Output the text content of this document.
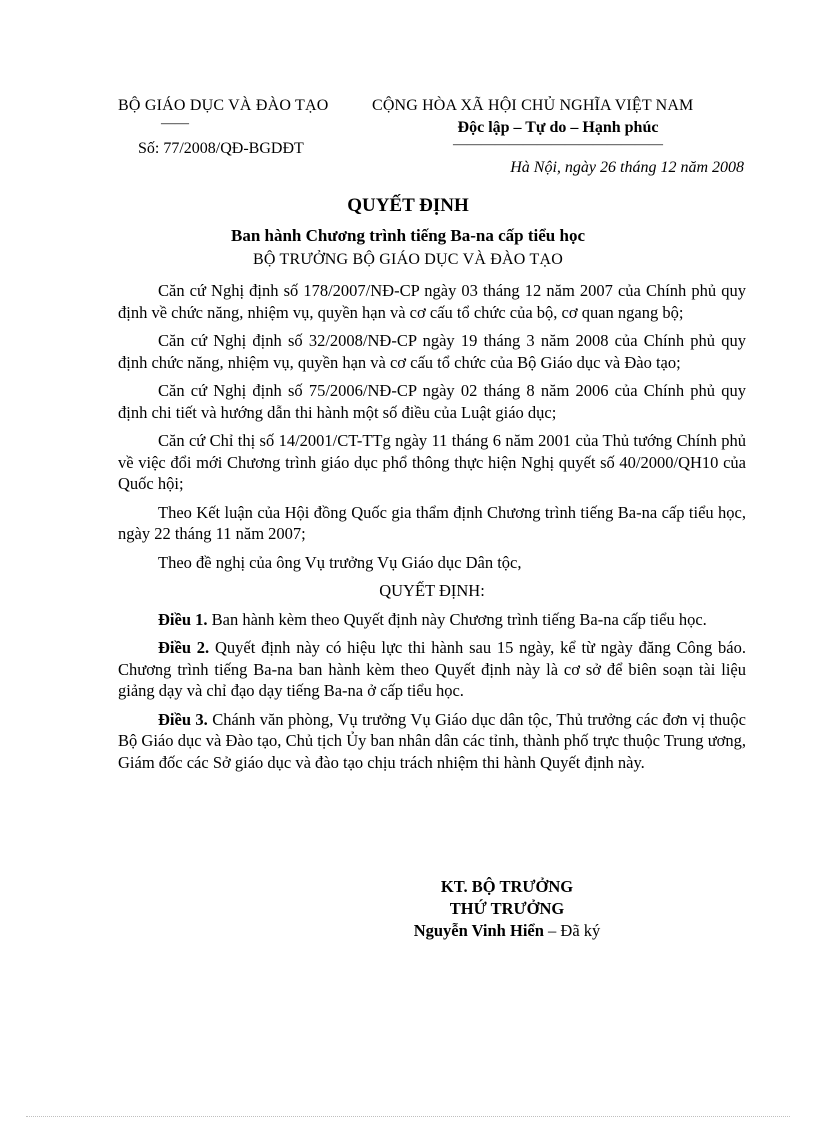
BỘ GIÁO DỤC VÀ ĐÀO TẠO
——
Số: 77/2008/QĐ-BGDĐT
CỘNG HÒA XÃ HỘI CHỦ NGHĨA VIỆT NAM
Độc lập – Tự do – Hạnh phúc
———————————————
Hà Nội, ngày 26 tháng 12 năm 2008
QUYẾT ĐỊNH
Ban hành Chương trình tiếng Ba-na cấp tiểu học
BỘ TRƯỞNG BỘ GIÁO DỤC VÀ ĐÀO TẠO

Căn cứ Nghị định số 178/2007/NĐ-CP ngày 03 tháng 12 năm 2007 của Chính phủ quy định về chức năng, nhiệm vụ, quyền hạn và cơ cấu tổ chức của bộ, cơ quan ngang bộ;

Căn cứ Nghị định số 32/2008/NĐ-CP ngày 19 tháng 3 năm 2008 của Chính phủ quy định chức năng, nhiệm vụ, quyền hạn và cơ cấu tổ chức của Bộ Giáo dục và Đào tạo;

Căn cứ Nghị định số 75/2006/NĐ-CP ngày 02 tháng 8 năm 2006 của Chính phủ quy định chi tiết và hướng dẫn thi hành một số điều của Luật giáo dục;

Căn cứ Chỉ thị số 14/2001/CT-TTg ngày 11 tháng 6 năm 2001 của Thủ tướng Chính phủ về việc đổi mới Chương trình giáo dục phổ thông thực hiện Nghị quyết số 40/2000/QH10 của Quốc hội;

Theo Kết luận của Hội đồng Quốc gia thẩm định Chương trình tiếng Ba-na cấp tiểu học, ngày 22 tháng 11 năm 2007;

Theo đề nghị của ông Vụ trưởng Vụ Giáo dục Dân tộc,

QUYẾT ĐỊNH:

Điều 1. Ban hành kèm theo Quyết định này Chương trình tiếng Ba-na cấp tiểu học.

Điều 2. Quyết định này có hiệu lực thi hành sau 15 ngày, kể từ ngày đăng Công báo. Chương trình tiếng Ba-na ban hành kèm theo Quyết định này là cơ sở để biên soạn tài liệu giảng dạy và chỉ đạo dạy tiếng Ba-na ở cấp tiểu học.

Điều 3. Chánh văn phòng, Vụ trưởng Vụ Giáo dục dân tộc, Thủ trưởng các đơn vị thuộc Bộ Giáo dục và Đào tạo, Chủ tịch Ủy ban nhân dân các tỉnh, thành phố trực thuộc Trung ương, Giám đốc các Sở giáo dục và đào tạo chịu trách nhiệm thi hành Quyết định này.

KT. BỘ TRƯỞNG
THỨ TRƯỞNG
Nguyễn Vinh Hiển – Đã ký
